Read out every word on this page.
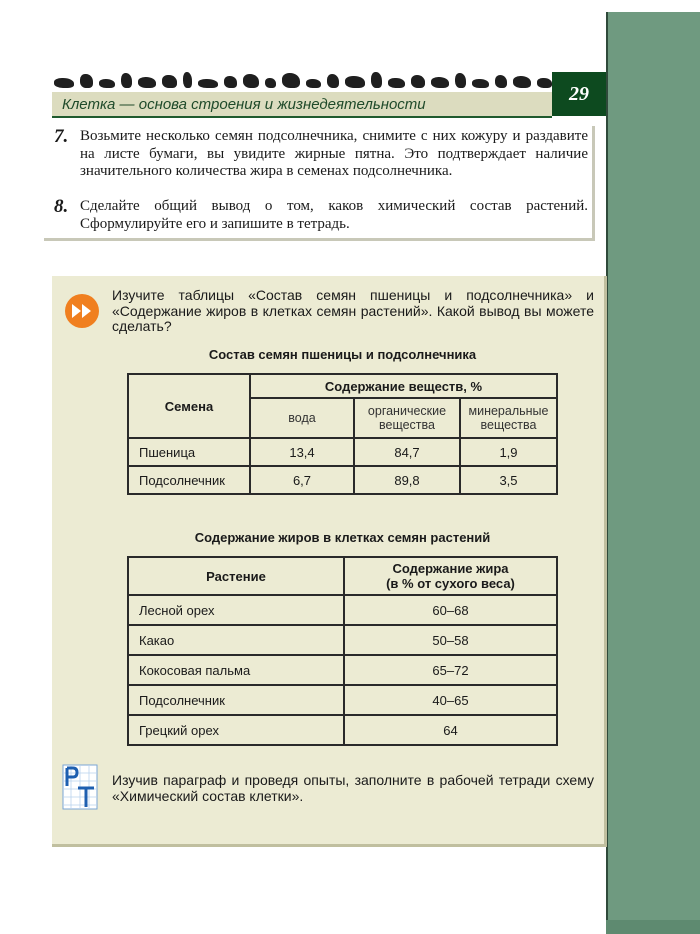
Клетка — основа строения и жизнедеятельности	29
7. Возьмите несколько семян подсолнечника, снимите с них кожуру и раздавите на листе бумаги, вы увидите жирные пятна. Это подтверждает наличие значительного количества жира в семенах подсолнечника.
8. Сделайте общий вывод о том, каков химический состав растений. Сформулируйте его и запишите в тетрадь.
Изучите таблицы «Состав семян пшеницы и подсолнечника» и «Содержание жиров в клетках семян растений». Какой вывод вы можете сделать?
Состав семян пшеницы и подсолнечника
Семена	Содержание веществ, %		
	вода	органические вещества	минеральные вещества
Пшеница	13,4	84,7	1,9
Подсолнечник	6,7	89,8	3,5
Содержание жиров в клетках семян растений
Растение	Содержание жира (в % от сухого веса)
Лесной орех	60–68
Какао	50–58
Кокосовая пальма	65–72
Подсолнечник	40–65
Грецкий орех	64
Изучив параграф и проведя опыты, заполните в рабочей тетради схему «Химический состав клетки».
